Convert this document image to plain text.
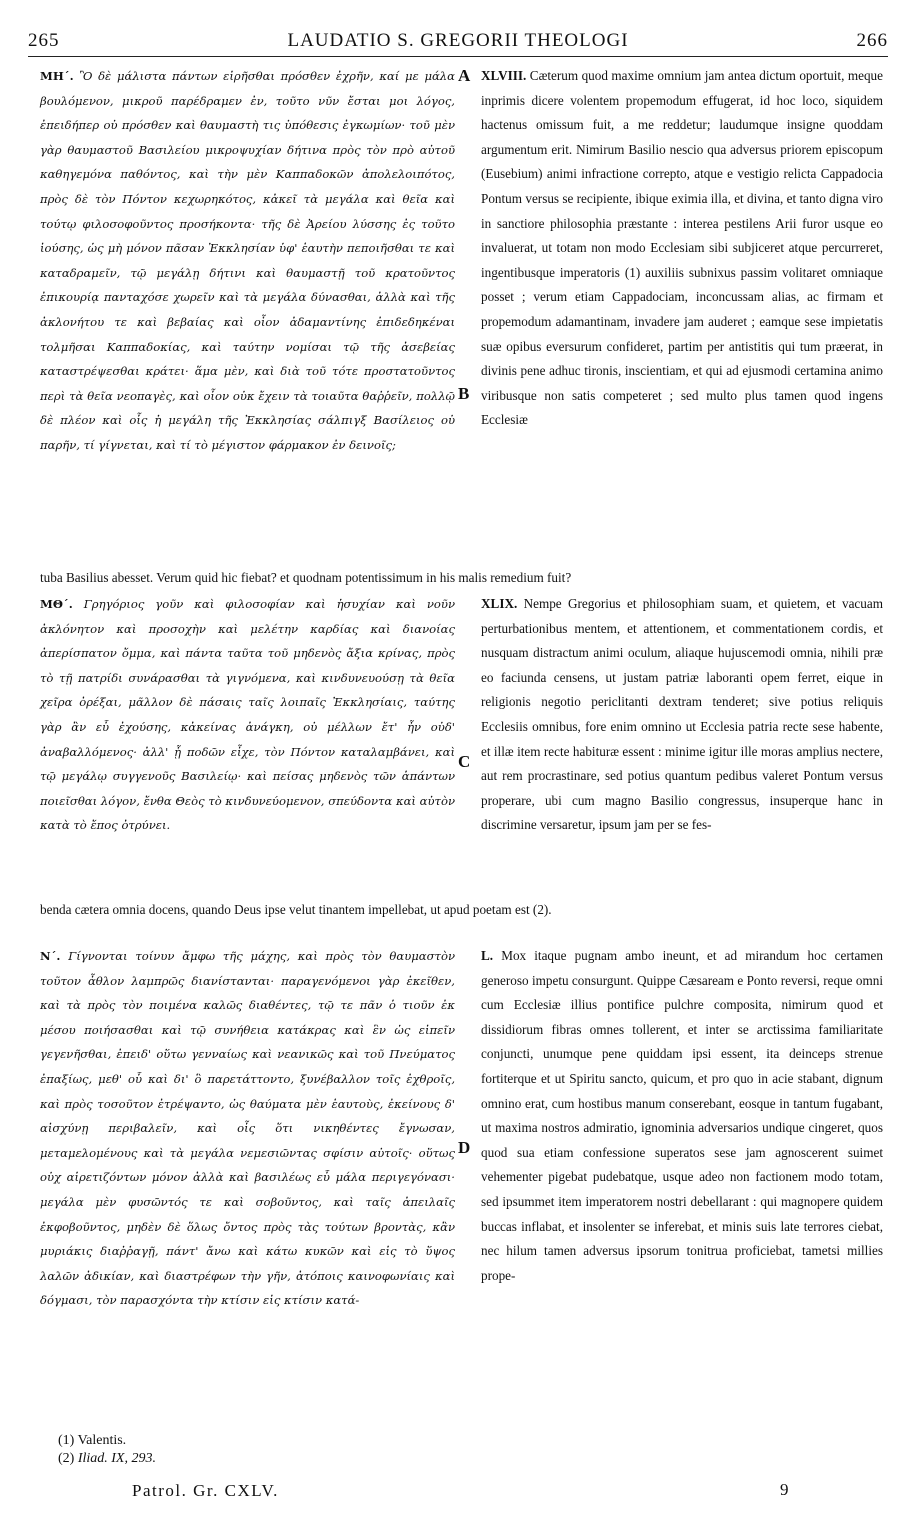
265	LAUDATIO S. GREGORII THEOLOGI	266

ΜΗ΄. Ὃ δὲ μάλιστα πάντων εἰρῆσθαι πρόσθεν ἐχρῆν, καί με μάλα βουλόμενον, μικροῦ παρέδραμεν ἐν, τοῦτο νῦν ἔσται μοι λόγος, ἐπειδήπερ οὐ πρόσθεν καὶ θαυμαστὴ τις ὑπόθεσις ἐγκωμίων· τοῦ μὲν γὰρ θαυμαστοῦ Βασιλείου μικροψυχίαν δήτινα πρὸς τὸν πρὸ αὐτοῦ καθηγεμόνα παθόντος, καὶ τὴν μὲν Καππαδοκῶν ἀπολελοιπότος, πρὸς δὲ τὸν Πόντον κεχωρηκότος, κἀκεῖ τὰ μεγάλα καὶ θεῖα καὶ τούτῳ φιλοσοφοῦντος προσήκοντα· τῆς δὲ Ἀρείου λύσσης ἐς τοῦτο ἰούσης, ὡς μὴ μόνον πᾶσαν Ἐκκλησίαν ὑφ' ἑαυτὴν πεποιῆσθαι τε καὶ καταδραμεῖν, τῷ μεγάλῃ δήτινι καὶ θαυμαστῇ τοῦ κρατοῦντος ἐπικουρίᾳ πανταχόσε χωρεῖν καὶ τὰ μεγάλα δύνασθαι, ἀλλὰ καὶ τῆς ἀκλονήτου τε καὶ βεβαίας καὶ οἷον ἀδαμαντίνης ἐπιδεδηκέναι τολμῆσαι Καππαδοκίας, καὶ ταύτην νομίσαι τῷ τῆς ἀσεβείας καταστρέψεσθαι κράτει· ἅμα μὲν, καὶ διὰ τοῦ τότε προστατοῦντος περὶ τὰ θεῖα νεοπαγὲς, καὶ οἷον οὐκ ἔχειν τὰ τοιαῦτα θαῤῥεῖν, πολλῷ δὲ πλέον καὶ οἷς ἡ μεγάλη τῆς Ἐκκλησίας σάλπιγξ Βασίλειος οὐ παρῆν, τί γίγνεται, καὶ τί τὸ μέγιστον φάρμακον ἐν δεινοῖς;

XLVIII. Cæterum quod maxime omnium jam antea dictum oportuit, meque inprimis dicere volentem propemodum effugerat, id hoc loco, siquidem hactenus omissum fuit, a me reddetur; laudumque insigne quoddam argumentum erit. Nimirum Basilio nescio qua adversus priorem episcopum (Eusebium) animi infractione correpto, atque e vestigio relicta Cappadocia Pontum versus se recipiente, ibique eximia illa, et divina, et tanto digna viro in sanctiore philosophia præstante : interea pestilens Arii furor usque eo invaluerat, ut totam non modo Ecclesiam sibi subjiceret atque percurreret, ingentibusque imperatoris (1) auxiliis subnixus passim volitaret omniaque posset ; verum etiam Cappadociam, inconcussam alias, ac firmam et propemodum adamantinam, invadere jam auderet ; eamque sese impietatis suæ opibus eversurum confideret, partim per antistitis qui tum præerat, in divinis pene adhuc tironis, inscientiam, et qui ad ejusmodi certamina animo viribusque non satis competeret ; sed multo plus tamen quod ingens Ecclesiæ

tuba Basilius abesset. Verum quid hic fiebat? et quodnam potentissimum in his malis remedium fuit?

ΜΘ΄. Γρηγόριος γοῦν καὶ φιλοσοφίαν καὶ ἡσυχίαν καὶ νοῦν ἀκλόνητον καὶ προσοχὴν καὶ μελέτην καρδίας καὶ διανοίας ἀπερίσπατον ὄμμα, καὶ πάντα ταῦτα τοῦ μηδενὸς ἄξια κρίνας, πρὸς τὸ τῇ πατρίδι συνάρασθαι τὰ γιγνόμενα, καὶ κινδυνευούσῃ τὰ θεῖα χεῖρα ὀρέξαι, μᾶλλον δὲ πάσαις ταῖς λοιπαῖς Ἐκκλησίαις, ταύτης γὰρ ἂν εὖ ἐχούσης, κἀκείνας ἀνάγκη, οὐ μέλλων ἔτ' ἦν οὐδ' ἀναβαλλόμενος· ἀλλ' ᾗ ποδῶν εἶχε, τὸν Πόντον καταλαμβάνει, καὶ τῷ μεγάλῳ συγγενοῦς Βασιλείῳ· καὶ πείσας μηδενὸς τῶν ἁπάντων ποιεῖσθαι λόγον, ἔνθα Θεὸς τὸ κινδυνεύομενον, σπεύδοντα καὶ αὐτὸν κατὰ τὸ ἔπος ὀτρύνει.

XLIX. Nempe Gregorius et philosophiam suam, et quietem, et vacuam perturbationibus mentem, et attentionem, et commentationem cordis, et nusquam distractum animi oculum, aliaque hujuscemodi omnia, nihili præ eo faciunda censens, ut justam patriæ laboranti opem ferret, eique in religionis negotio periclitanti dextram tenderet; sive potius reliquis Ecclesiis omnibus, fore enim omnino ut Ecclesia patria recte sese habente, et illæ item recte habituræ essent : minime igitur ille moras amplius nectere, aut rem procrastinare, sed potius quantum pedibus valeret Pontum versus properare, ubi cum magno Basilio congressus, insuperque hanc in discrimine versaretur, ipsum jam per se fes-

benda cætera omnia docens, quando Deus ipse velut tinantem impellebat, ut apud poetam est (2).

Ν΄. Γίγνονται τοίνυν ἄμφω τῆς μάχης, καὶ πρὸς τὸν θαυμαστὸν τοῦτον ἆθλον λαμπρῶς διανίστανται· παραγενόμενοι γὰρ ἐκεῖθεν, καὶ τὰ πρὸς τὸν ποιμένα καλῶς διαθέντες, τῷ τε πᾶν ὁ τιοῦν ἐκ μέσου ποιήσασθαι καὶ τῷ συνήθεια κατάκρας καὶ ἓν ὡς εἰπεῖν γεγενῆσθαι, ἐπειδ' οὕτω γενναίως καὶ νεανικῶς καὶ τοῦ Πνεύματος ἐπαξίως, μεθ' οὗ καὶ δι' ὃ παρετάττοντο, ξυνέβαλλον τοῖς ἐχθροῖς, καὶ πρὸς τοσοῦτον ἐτρέψαντο, ὡς θαύματα μὲν ἑαυτοὺς, ἐκείνους δ' αἰσχύνῃ περιβαλεῖν, καὶ οἷς ὅτι νικηθέντες ἔγνωσαν, μεταμελομένους καὶ τὰ μεγάλα νεμεσιῶντας σφίσιν αὐτοῖς· οὕτως οὐχ αἱρετιζόντων μόνον ἀλλὰ καὶ βασιλέως εὖ μάλα περιγεγόνασι· μεγάλα μὲν φυσῶντός τε καὶ σοβοῦντος, καὶ ταῖς ἀπειλαῖς ἐκφοβοῦντος, μηδὲν δὲ ὅλως ὄντος πρὸς τὰς τούτων βροντὰς, κἂν μυριάκις διαῤῥαγῇ, πάντ' ἄνω καὶ κάτω κυκῶν καὶ εἰς τὸ ὕψος λαλῶν ἀδικίαν, καὶ διαστρέφων τὴν γῆν, ἀτόποις καινοφωνίαις καὶ δόγμασι, τὸν παρασχόντα τὴν κτίσιν εἰς κτίσιν κατά-

L. Mox itaque pugnam ambo ineunt, et ad mirandum hoc certamen generoso impetu consurgunt. Quippe Cæsaream e Ponto reversi, reque omni cum Ecclesiæ illius pontifice pulchre composita, nimirum quod et dissidiorum fibras omnes tollerent, et inter se arctissima familiaritate conjuncti, unumque pene quiddam ipsi essent, ita deinceps strenue fortiterque et ut Spiritu sancto, quicum, et pro quo in acie stabant, dignum omnino erat, cum hostibus manum conserebant, eosque in tantum fugabant, ut maxima nostros admiratio, ignominia adversarios undique cingeret, quos quod sua etiam confessione superatos sese jam agnoscerent suimet vehementer pigebat pudebatque, usque adeo non factionem modo totam, sed ipsummet item imperatorem nostri debellarant : qui magnopere quidem buccas inflabat, et insolenter se inferebat, et minis suis late terrores ciebat, nec hilum tamen adversus ipsorum tonitrua proficiebat, tametsi millies prope-

A
B
C
D
(1) Valentis.
(2) Iliad. IX, 293.
Patrol. Gr. CXLV.	9
